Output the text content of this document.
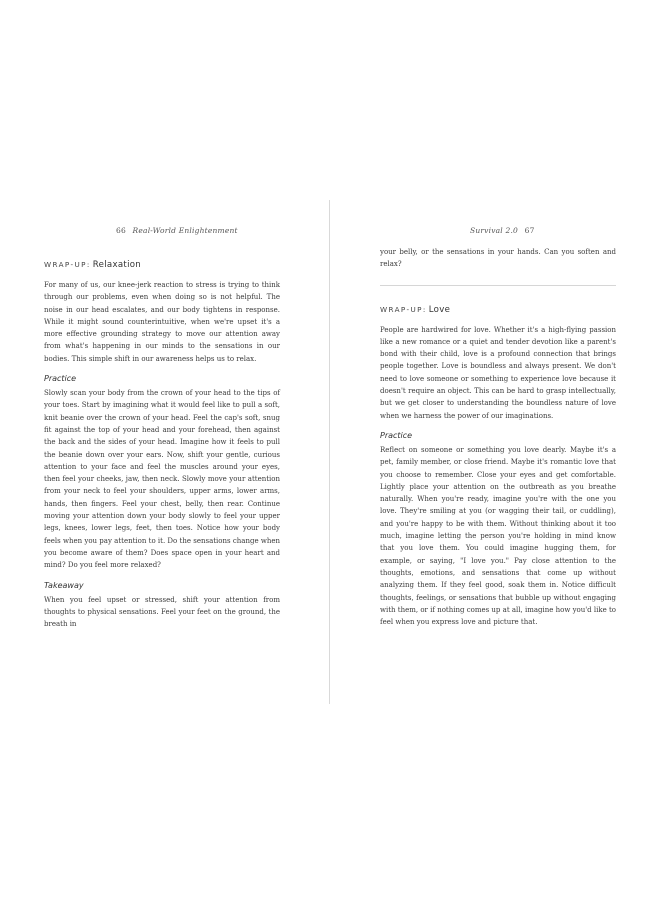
66 Real-World Enlightenment
WRAP-UP: Relaxation

For many of us, our knee-jerk reaction to stress is trying to think through our problems, even when doing so is not helpful. The noise in our head escalates, and our body tightens in response. While it might sound counterintuitive, when we're upset it's a more effective grounding strategy to move our attention away from what's happening in our minds to the sensations in our bodies. This simple shift in our awareness helps us to relax.

Practice

Slowly scan your body from the crown of your head to the tips of your toes. Start by imagining what it would feel like to pull a soft, knit beanie over the crown of your head. Feel the cap's soft, snug fit against the top of your head and your forehead, then against the back and the sides of your head. Imagine how it feels to pull the beanie down over your ears. Now, shift your gentle, curious attention to your face and feel the muscles around your eyes, then feel your cheeks, jaw, then neck. Slowly move your attention from your neck to feel your shoulders, upper arms, lower arms, hands, then fingers. Feel your chest, belly, then rear. Continue moving your attention down your body slowly to feel your upper legs, knees, lower legs, feet, then toes. Notice how your body feels when you pay attention to it. Do the sensations change when you become aware of them? Does space open in your heart and mind? Do you feel more relaxed?

Takeaway

When you feel upset or stressed, shift your attention from thoughts to physical sensations. Feel your feet on the ground, the breath in

Survival 2.0 67

your belly, or the sensations in your hands. Can you soften and relax?

WRAP-UP: Love

People are hardwired for love. Whether it's a high-flying passion like a new romance or a quiet and tender devotion like a parent's bond with their child, love is a profound connection that brings people together. Love is boundless and always present. We don't need to love someone or something to experience love because it doesn't require an object. This can be hard to grasp intellectually, but we get closer to understanding the boundless nature of love when we harness the power of our imaginations.

Practice

Reflect on someone or something you love dearly. Maybe it's a pet, family member, or close friend. Maybe it's romantic love that you choose to remember. Close your eyes and get comfortable. Lightly place your attention on the outbreath as you breathe naturally. When you're ready, imagine you're with the one you love. They're smiling at you (or wagging their tail, or cuddling), and you're happy to be with them. Without thinking about it too much, imagine letting the person you're holding in mind know that you love them. You could imagine hugging them, for example, or saying, "I love you." Pay close attention to the thoughts, emotions, and sensations that come up without analyzing them. If they feel good, soak them in. Notice difficult thoughts, feelings, or sensations that bubble up without engaging with them, or if nothing comes up at all, imagine how you'd like to feel when you express love and picture that.
